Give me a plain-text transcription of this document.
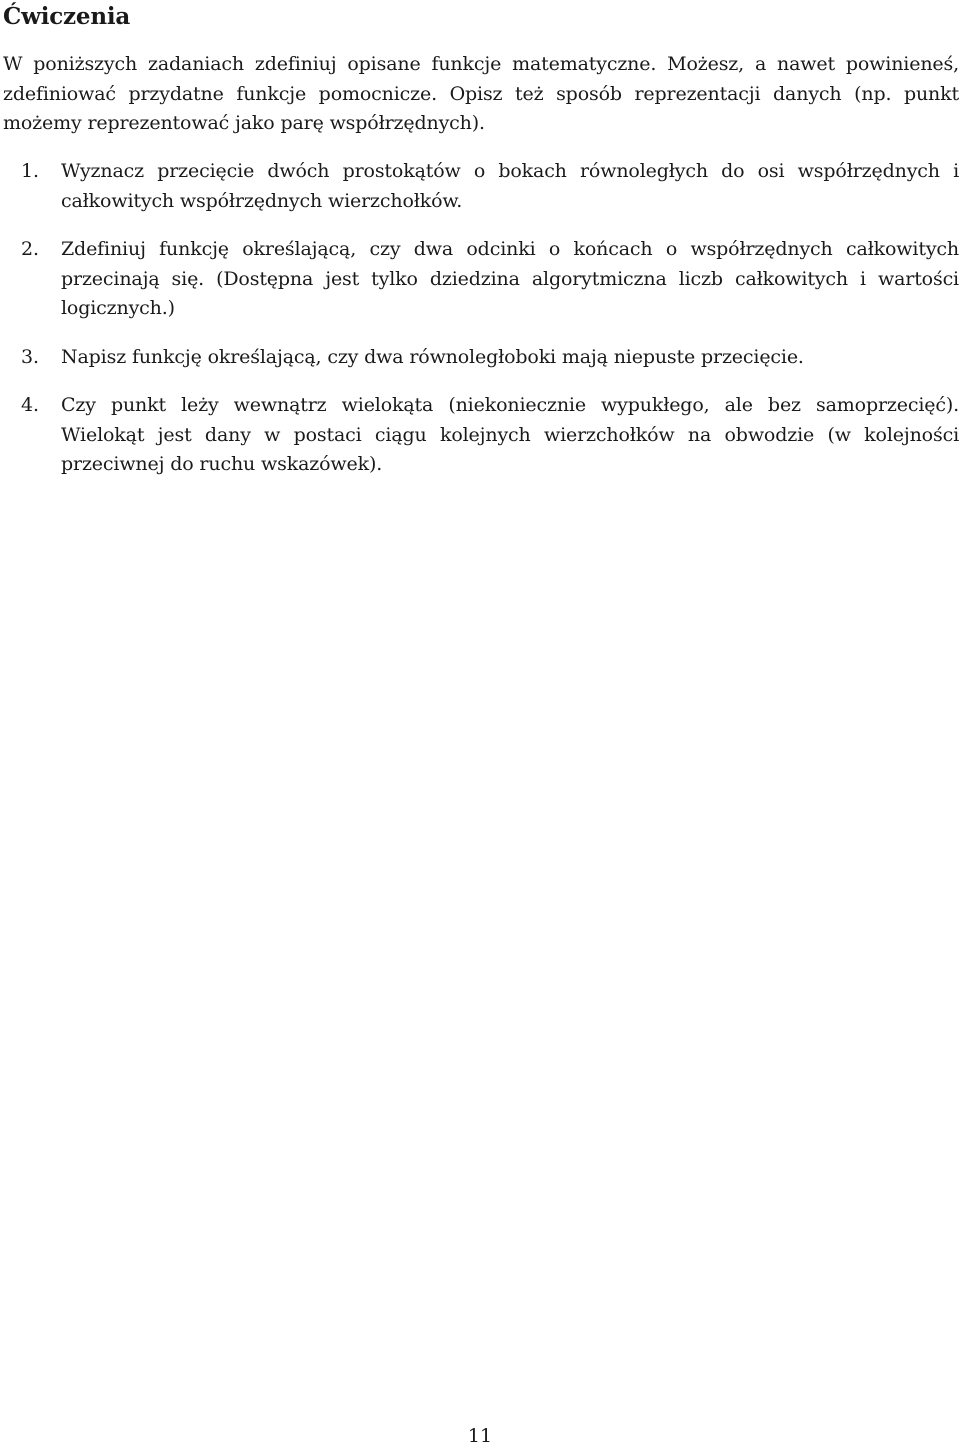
Ćwiczenia

W poniższych zadaniach zdefiniuj opisane funkcje matematyczne. Możesz, a nawet powinieneś, zdefiniować przydatne funkcje pomocnicze. Opisz też sposób reprezentacji danych (np. punkt możemy reprezentować jako parę współrzędnych).

1. Wyznacz przecięcie dwóch prostokątów o bokach równoległych do osi współrzędnych i całkowitych współrzędnych wierzchołków.
2. Zdefiniuj funkcję określającą, czy dwa odcinki o końcach o współrzędnych całkowitych przecinają się. (Dostępna jest tylko dziedzina algorytmiczna liczb całkowitych i wartości logicznych.)
3. Napisz funkcję określającą, czy dwa równoległoboki mają niepuste przecięcie.
4. Czy punkt leży wewnątrz wielokąta (niekoniecznie wypukłego, ale bez samoprzecięć). Wielokąt jest dany w postaci ciągu kolejnych wierzchołków na obwodzie (w kolejności przeciwnej do ruchu wskazówek).
11
